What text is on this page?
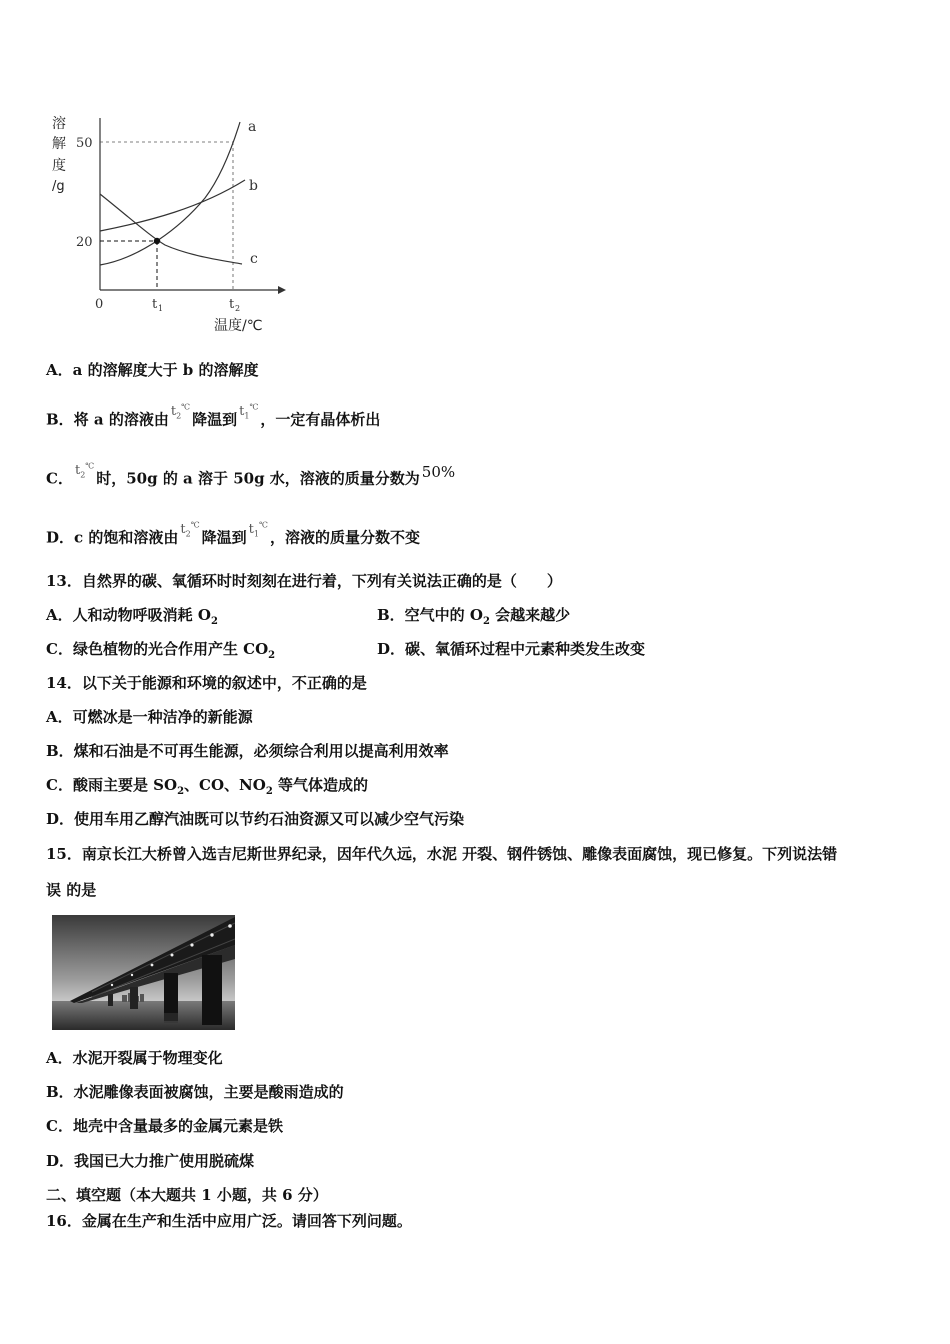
溶
解
度
/g
50
20
0	t 1	t 2
温度/℃
a
b
c
A．a 的溶解度大于 b 的溶解度
B．将 a 的溶液由 $t_2^℃$降温到 $t_1^℃$，一定有晶体析出
C． $t_2^℃$时，50g 的 a 溶于 50g 水，溶液的质量分数为 50%
D．c 的饱和溶液由 $t_2^℃$降温到 $t_1^℃$，溶液的质量分数不变
13．自然界的碳、氧循环时时刻刻在进行着，下列有关说法正确的是（　　）
A．人和动物呼吸消耗 $O_2$	B．空气中的 $O_2$ 会越来越少
C．绿色植物的光合作用产生 $CO_2$	D．碳、氧循环过程中元素种类发生改变
14．以下关于能源和环境的叙述中，不正确的是
A．可燃冰是一种洁净的新能源
B．煤和石油是不可再生能源，必须综合利用以提高利用效率
C．酸雨主要是 $SO_2$、CO、$NO_2$ 等气体造成的
D．使用车用乙醇汽油既可以节约石油资源又可以减少空气污染
15．南京长江大桥曾入选吉尼斯世界纪录，因年代久远，水泥 开裂、钢件锈蚀、雕像表面腐蚀，现已修复。下列说法错
误 的是
A．水泥开裂属于物理变化
B．水泥雕像表面被腐蚀，主要是酸雨造成的
C．地壳中含量最多的金属元素是铁
D．我国已大力推广使用脱硫煤
二、填空题（本大题共 1 小题，共 6 分）
16．金属在生产和生活中应用广泛。请回答下列问题。
